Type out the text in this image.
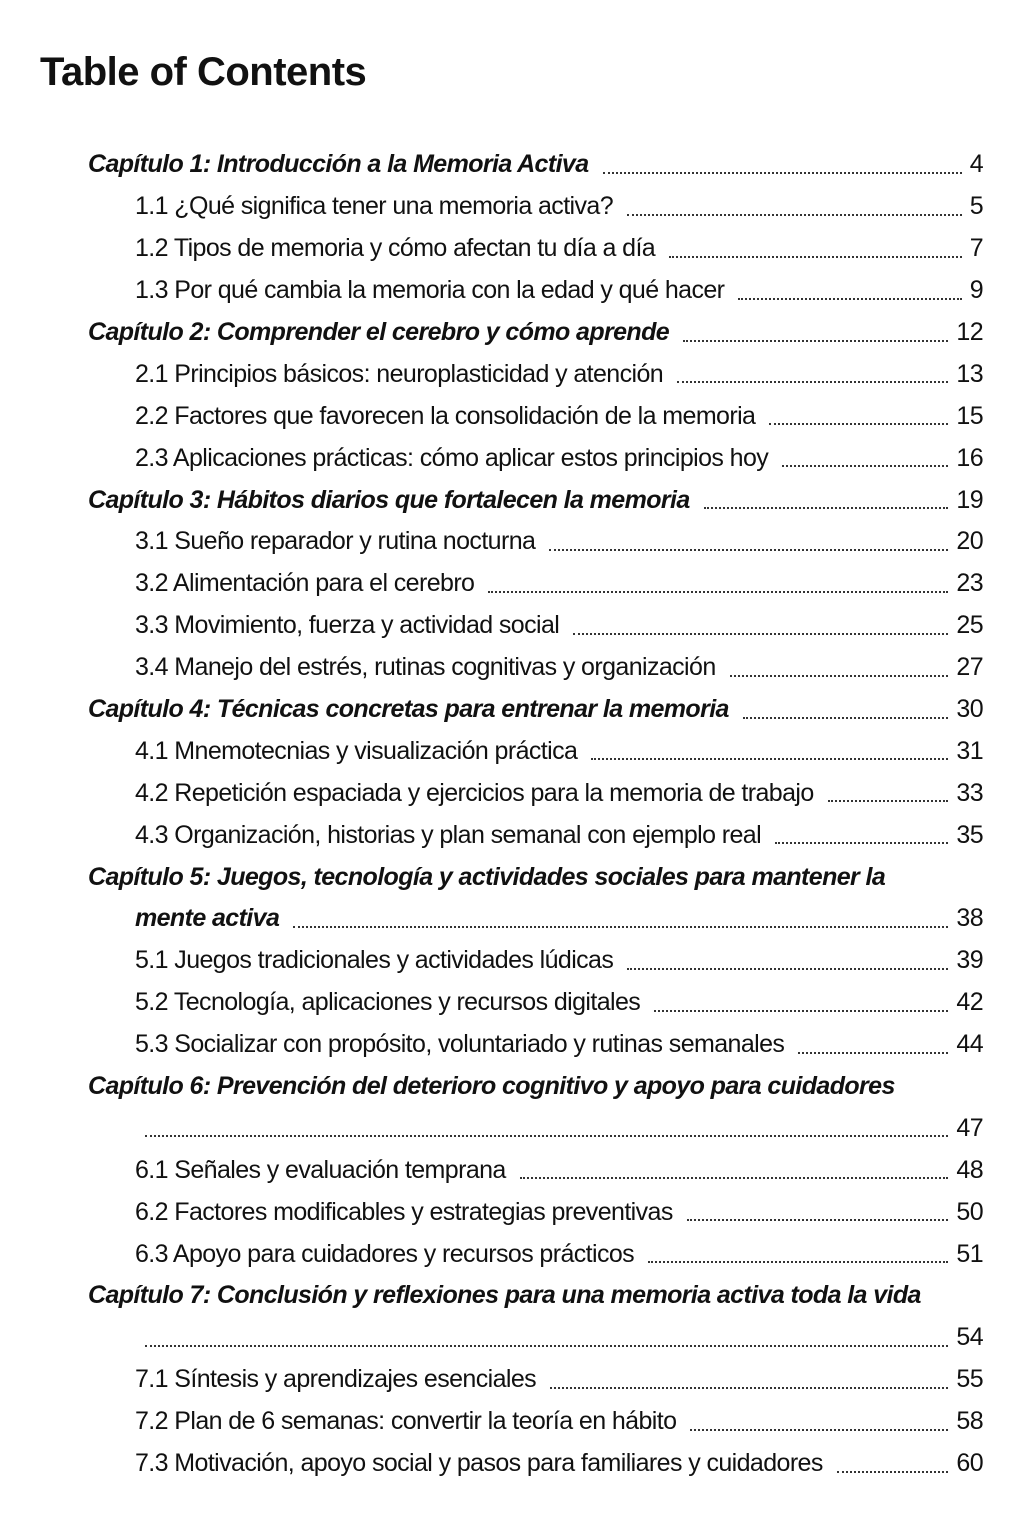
Table of Contents
Capítulo 1: Introducción a la Memoria Activa	4
1.1 ¿Qué significa tener una memoria activa?	5
1.2 Tipos de memoria y cómo afectan tu día a día	7
1.3 Por qué cambia la memoria con la edad y qué hacer	9
Capítulo 2: Comprender el cerebro y cómo aprende	12
2.1 Principios básicos: neuroplasticidad y atención	13
2.2 Factores que favorecen la consolidación de la memoria	15
2.3 Aplicaciones prácticas: cómo aplicar estos principios hoy	16
Capítulo 3: Hábitos diarios que fortalecen la memoria	19
3.1 Sueño reparador y rutina nocturna	20
3.2 Alimentación para el cerebro	23
3.3 Movimiento, fuerza y actividad social	25
3.4 Manejo del estrés, rutinas cognitivas y organización	27
Capítulo 4: Técnicas concretas para entrenar la memoria	30
4.1 Mnemotecnias y visualización práctica	31
4.2 Repetición espaciada y ejercicios para la memoria de trabajo	33
4.3 Organización, historias y plan semanal con ejemplo real	35
Capítulo 5: Juegos, tecnología y actividades sociales para mantener la
mente activa	38
5.1 Juegos tradicionales y actividades lúdicas	39
5.2 Tecnología, aplicaciones y recursos digitales	42
5.3 Socializar con propósito, voluntariado y rutinas semanales	44
Capítulo 6: Prevención del deterioro cognitivo y apoyo para cuidadores
47
6.1 Señales y evaluación temprana	48
6.2 Factores modificables y estrategias preventivas	50
6.3 Apoyo para cuidadores y recursos prácticos	51
Capítulo 7: Conclusión y reflexiones para una memoria activa toda la vida
54
7.1 Síntesis y aprendizajes esenciales	55
7.2 Plan de 6 semanas: convertir la teoría en hábito	58
7.3 Motivación, apoyo social y pasos para familiares y cuidadores	60
